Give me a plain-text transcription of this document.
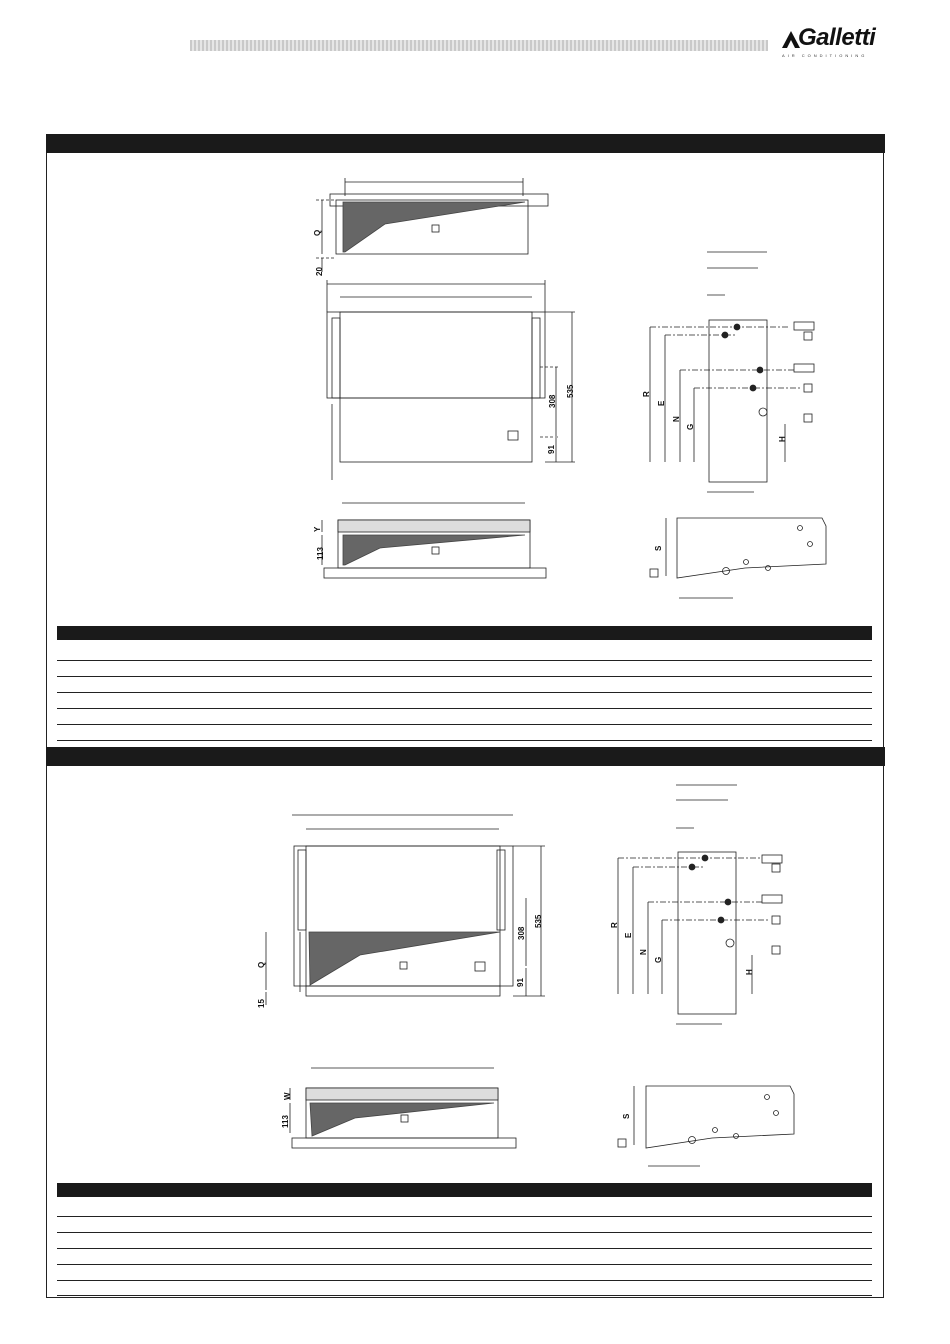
Galletti
AIR CONDITIONING
Q
20
535
308
91
Y
113
R
E
N
G
H
S
535
308
91
Q
15
W
113
R
E
N
G
H
S
